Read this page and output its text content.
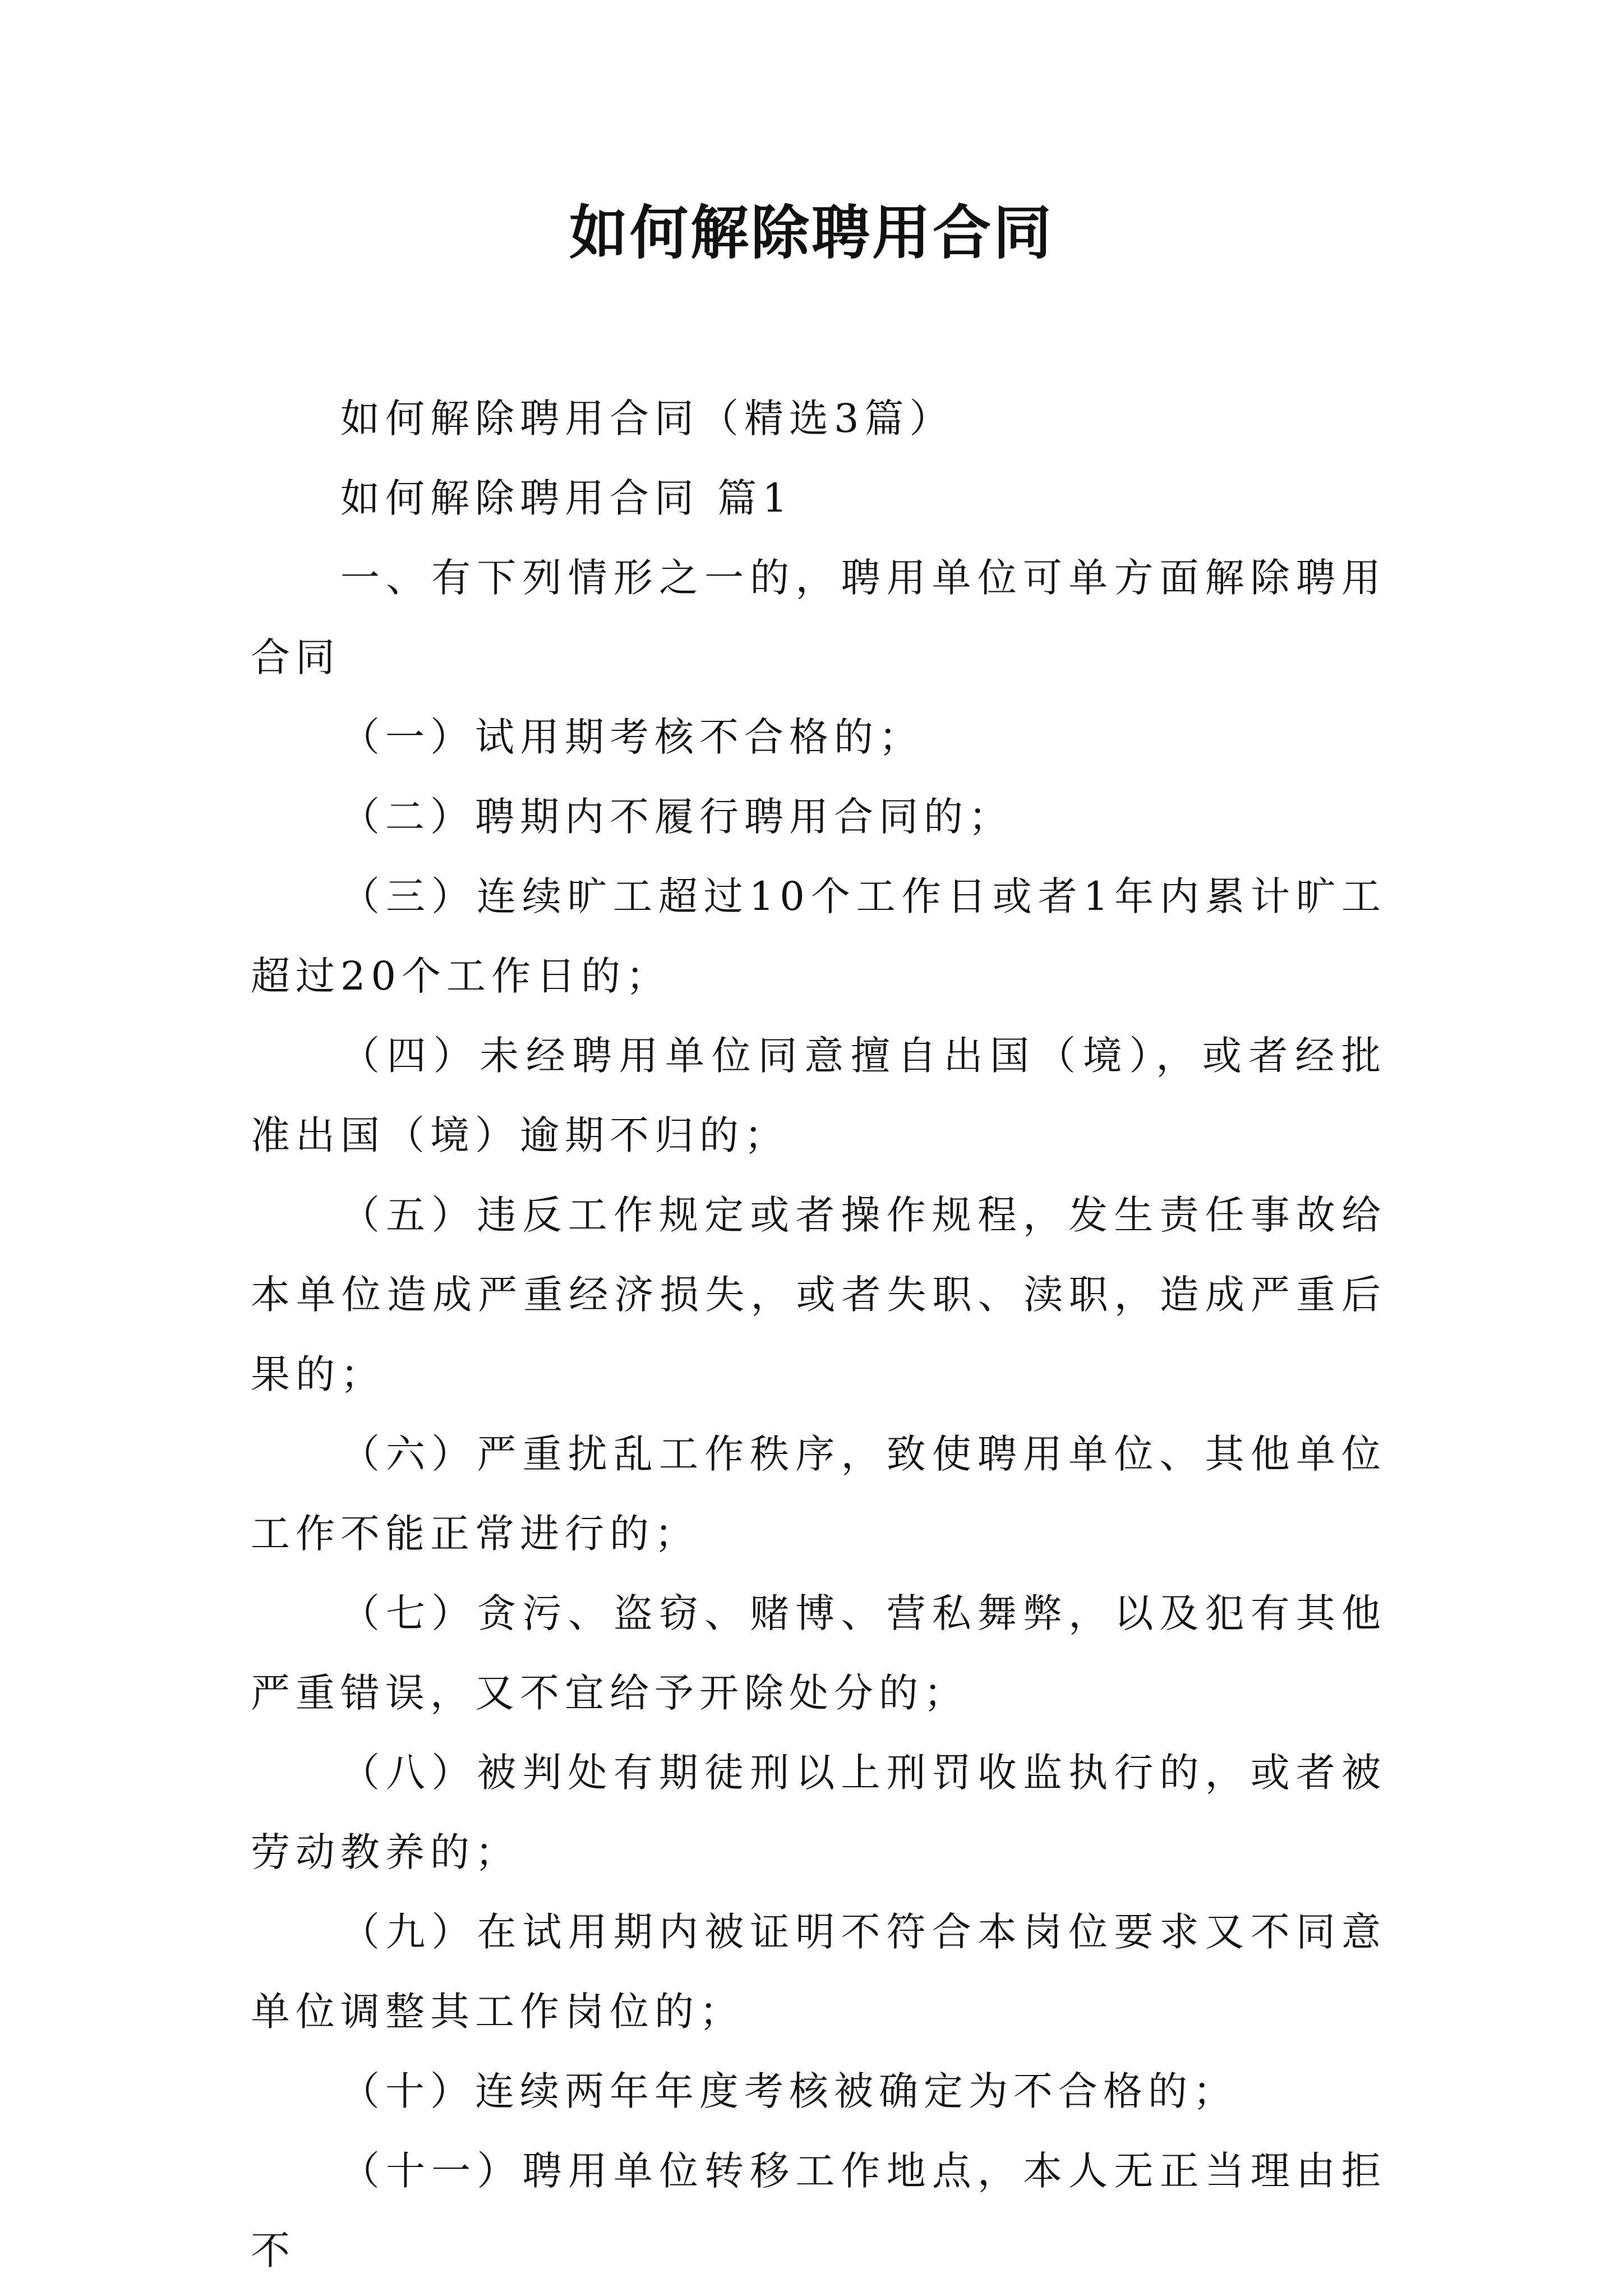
如何解除聘用合同

如何解除聘用合同（精选3篇）

如何解除聘用合同 篇1

一、有下列情形之一的，聘用单位可单方面解除聘用合同

（一）试用期考核不合格的；

（二）聘期内不履行聘用合同的；

（三）连续旷工超过10个工作日或者1年内累计旷工超过20个工作日的；

（四）未经聘用单位同意擅自出国（境），或者经批准出国（境）逾期不归的；

（五）违反工作规定或者操作规程，发生责任事故给本单位造成严重经济损失，或者失职、渎职，造成严重后果的；

（六）严重扰乱工作秩序，致使聘用单位、其他单位工作不能正常进行的；

（七）贪污、盗窃、赌博、营私舞弊，以及犯有其他严重错误，又不宜给予开除处分的；

（八）被判处有期徒刑以上刑罚收监执行的，或者被劳动教养的；

（九）在试用期内被证明不符合本岗位要求又不同意单位调整其工作岗位的；

（十）连续两年年度考核被确定为不合格的；

（十一）聘用单位转移工作地点，本人无正当理由拒不
